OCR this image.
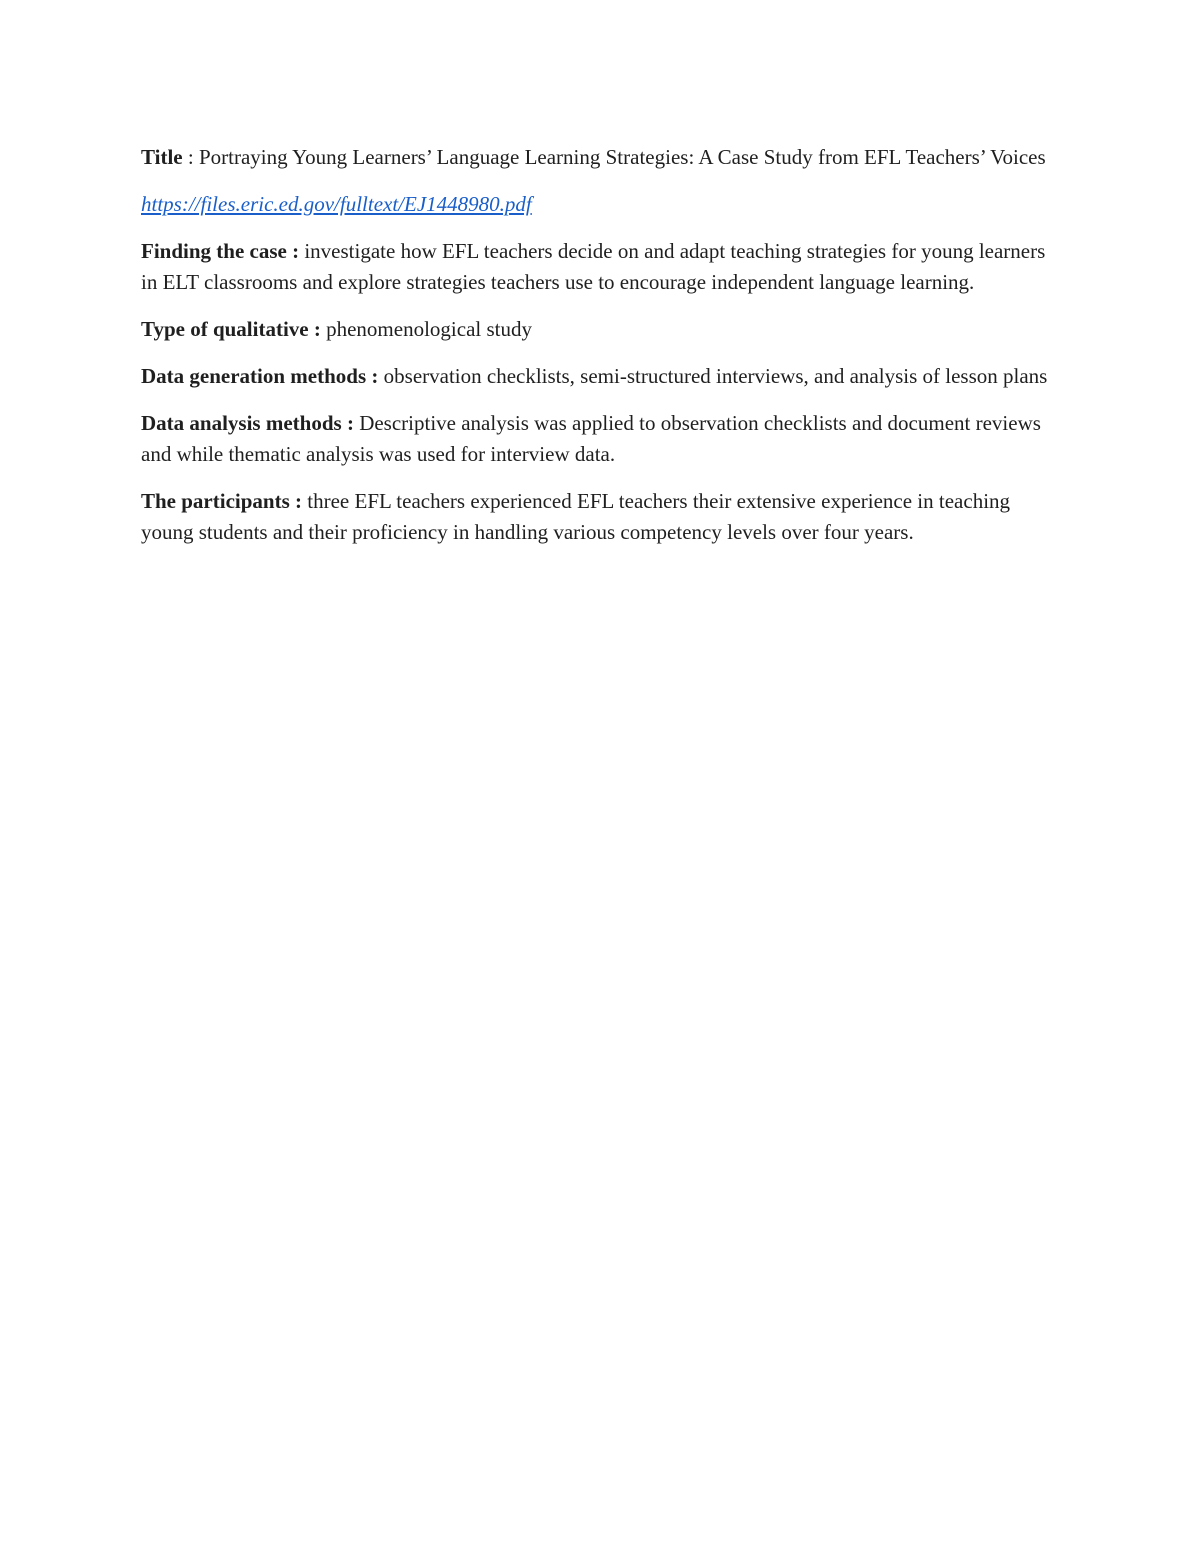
Title : Portraying Young Learners’ Language Learning Strategies: A Case Study from EFL Teachers’ Voices

https://files.eric.ed.gov/fulltext/EJ1448980.pdf

Finding the case : investigate how EFL teachers decide on and adapt teaching strategies for young learners in ELT classrooms and explore strategies teachers use to encourage independent language learning.

Type of qualitative : phenomenological study

Data generation methods : observation checklists, semi-structured interviews, and analysis of lesson plans

Data analysis methods : Descriptive analysis was applied to observation checklists and document reviews and while thematic analysis was used for interview data.

The participants : three EFL teachers experienced EFL teachers their extensive experience in teaching young students and their proficiency in handling various competency levels over four years.
